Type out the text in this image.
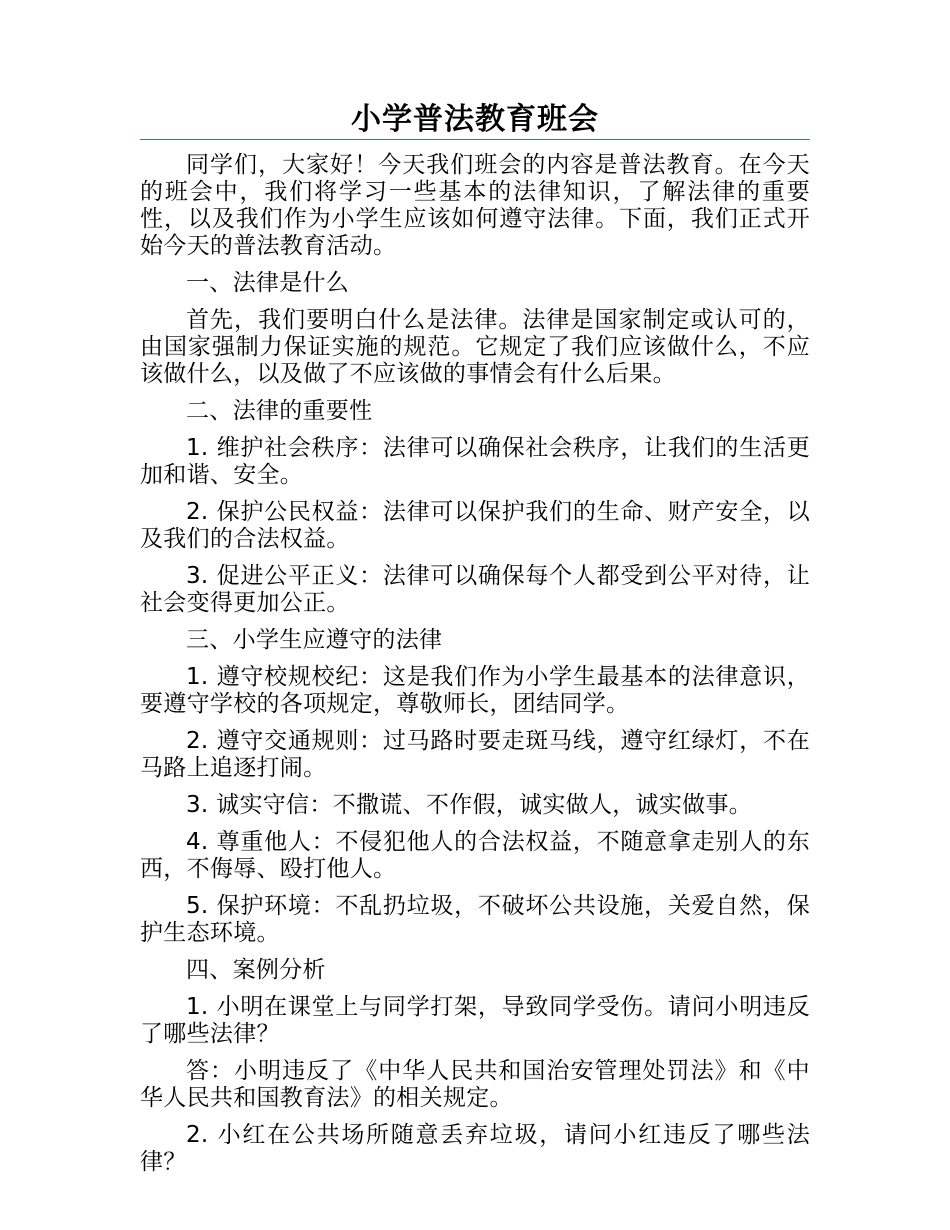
小学普法教育班会

同学们，大家好！今天我们班会的内容是普法教育。在今天的班会中，我们将学习一些基本的法律知识，了解法律的重要性，以及我们作为小学生应该如何遵守法律。下面，我们正式开始今天的普法教育活动。

一、法律是什么

首先，我们要明白什么是法律。法律是国家制定或认可的，由国家强制力保证实施的规范。它规定了我们应该做什么，不应该做什么，以及做了不应该做的事情会有什么后果。

二、法律的重要性

1. 维护社会秩序：法律可以确保社会秩序，让我们的生活更加和谐、安全。

2. 保护公民权益：法律可以保护我们的生命、财产安全，以及我们的合法权益。

3. 促进公平正义：法律可以确保每个人都受到公平对待，让社会变得更加公正。

三、小学生应遵守的法律

1. 遵守校规校纪：这是我们作为小学生最基本的法律意识，要遵守学校的各项规定，尊敬师长，团结同学。

2. 遵守交通规则：过马路时要走斑马线，遵守红绿灯，不在马路上追逐打闹。

3. 诚实守信：不撒谎、不作假，诚实做人，诚实做事。

4. 尊重他人：不侵犯他人的合法权益，不随意拿走别人的东西，不侮辱、殴打他人。

5. 保护环境：不乱扔垃圾，不破坏公共设施，关爱自然，保护生态环境。

四、案例分析

1. 小明在课堂上与同学打架，导致同学受伤。请问小明违反了哪些法律？

答：小明违反了《中华人民共和国治安管理处罚法》和《中华人民共和国教育法》的相关规定。

2. 小红在公共场所随意丢弃垃圾，请问小红违反了哪些法律？
